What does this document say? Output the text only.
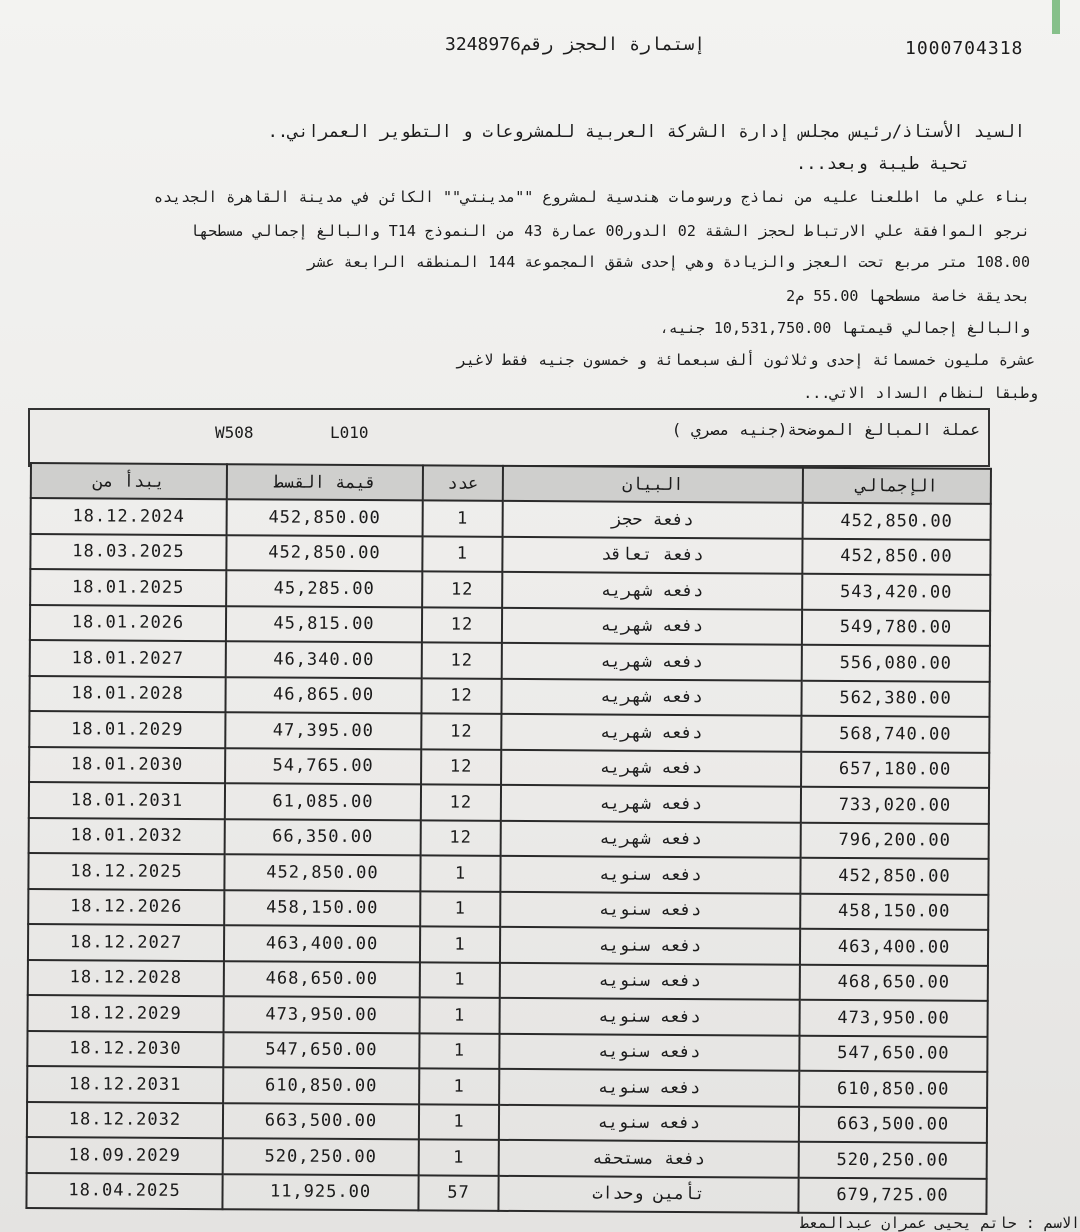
1000704318
إستمارة الحجز رقم3248976
السيد الأستاذ/رئيس مجلس إدارة الشركة العربية للمشروعات و التطوير العمراني..
تحية طيبة وبعد...
بناء علي ما اطلعنا عليه من نماذج ورسومات هندسية لمشروع ""مدينتي"" الكائن في مدينة القاهرة الجديده
نرجو الموافقة علي الارتباط لحجز الشقة 02 الدور00 عمارة 43 من النموذج T14 والبالغ إجمالي مسطحها
108.00 متر مربع تحت العجز والزيادة وهي إحدى شقق المجموعة 144 المنطقه الرابعة عشر
بحديقة خاصة مسطحها 55.00 م2
والبالغ إجمالي قيمتها 10,531,750.00 جنيه،
عشرة مليون خمسمائة إحدى وثلاثون ألف سبعمائة و خمسون جنيه فقط لاغير
وطبقا لنظام السداد الاتي...
عملة المبالغ الموضحة(جنيه مصري )
W508	L010
يبدأ من	قيمة القسط	عدد	البيان	الإجمالي
18.12.2024	452,850.00	1	دفعة حجز	452,850.00
18.03.2025	452,850.00	1	دفعة تعاقد	452,850.00
18.01.2025	45,285.00	12	دفعه شهريه	543,420.00
18.01.2026	45,815.00	12	دفعه شهريه	549,780.00
18.01.2027	46,340.00	12	دفعه شهريه	556,080.00
18.01.2028	46,865.00	12	دفعه شهريه	562,380.00
18.01.2029	47,395.00	12	دفعه شهريه	568,740.00
18.01.2030	54,765.00	12	دفعه شهريه	657,180.00
18.01.2031	61,085.00	12	دفعه شهريه	733,020.00
18.01.2032	66,350.00	12	دفعه شهريه	796,200.00
18.12.2025	452,850.00	1	دفعه سنويه	452,850.00
18.12.2026	458,150.00	1	دفعه سنويه	458,150.00
18.12.2027	463,400.00	1	دفعه سنويه	463,400.00
18.12.2028	468,650.00	1	دفعه سنويه	468,650.00
18.12.2029	473,950.00	1	دفعه سنويه	473,950.00
18.12.2030	547,650.00	1	دفعه سنويه	547,650.00
18.12.2031	610,850.00	1	دفعه سنويه	610,850.00
18.12.2032	663,500.00	1	دفعه سنويه	663,500.00
18.09.2029	520,250.00	1	دفعة مستحقه	520,250.00
18.04.2025	11,925.00	57	تأمين وحدات	679,725.00
الاسم : حاتم يحيى عمران عبدالمعط
